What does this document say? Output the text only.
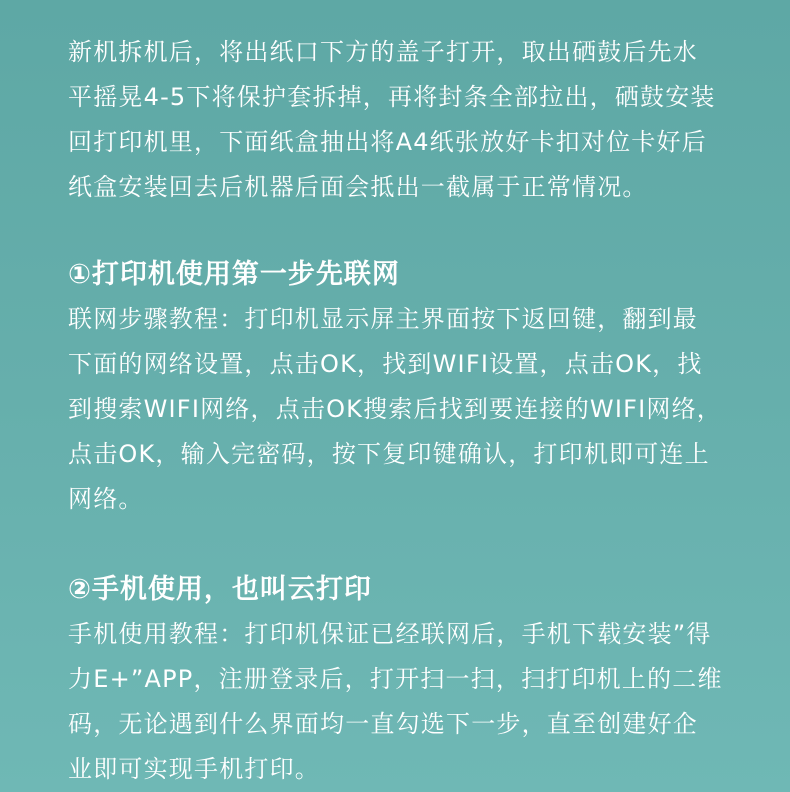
新机拆机后，将出纸口下方的盖子打开，取出硒鼓后先水
平摇晃4-5下将保护套拆掉，再将封条全部拉出，硒鼓安装
回打印机里，下面纸盒抽出将A4纸张放好卡扣对位卡好后
纸盒安装回去后机器后面会抵出一截属于正常情况。

①打印机使用第一步先联网

联网步骤教程：打印机显示屏主界面按下返回键，翻到最
下面的网络设置，点击OK，找到WIFI设置，点击OK，找
到搜索WIFI网络，点击OK搜索后找到要连接的WIFI网络，
点击OK，输入完密码，按下复印键确认，打印机即可连上
网络。

②手机使用，也叫云打印

手机使用教程：打印机保证已经联网后，手机下载安装”得
力E+”APP，注册登录后，打开扫一扫，扫打印机上的二维
码，无论遇到什么界面均一直勾选下一步，直至创建好企
业即可实现手机打印。
